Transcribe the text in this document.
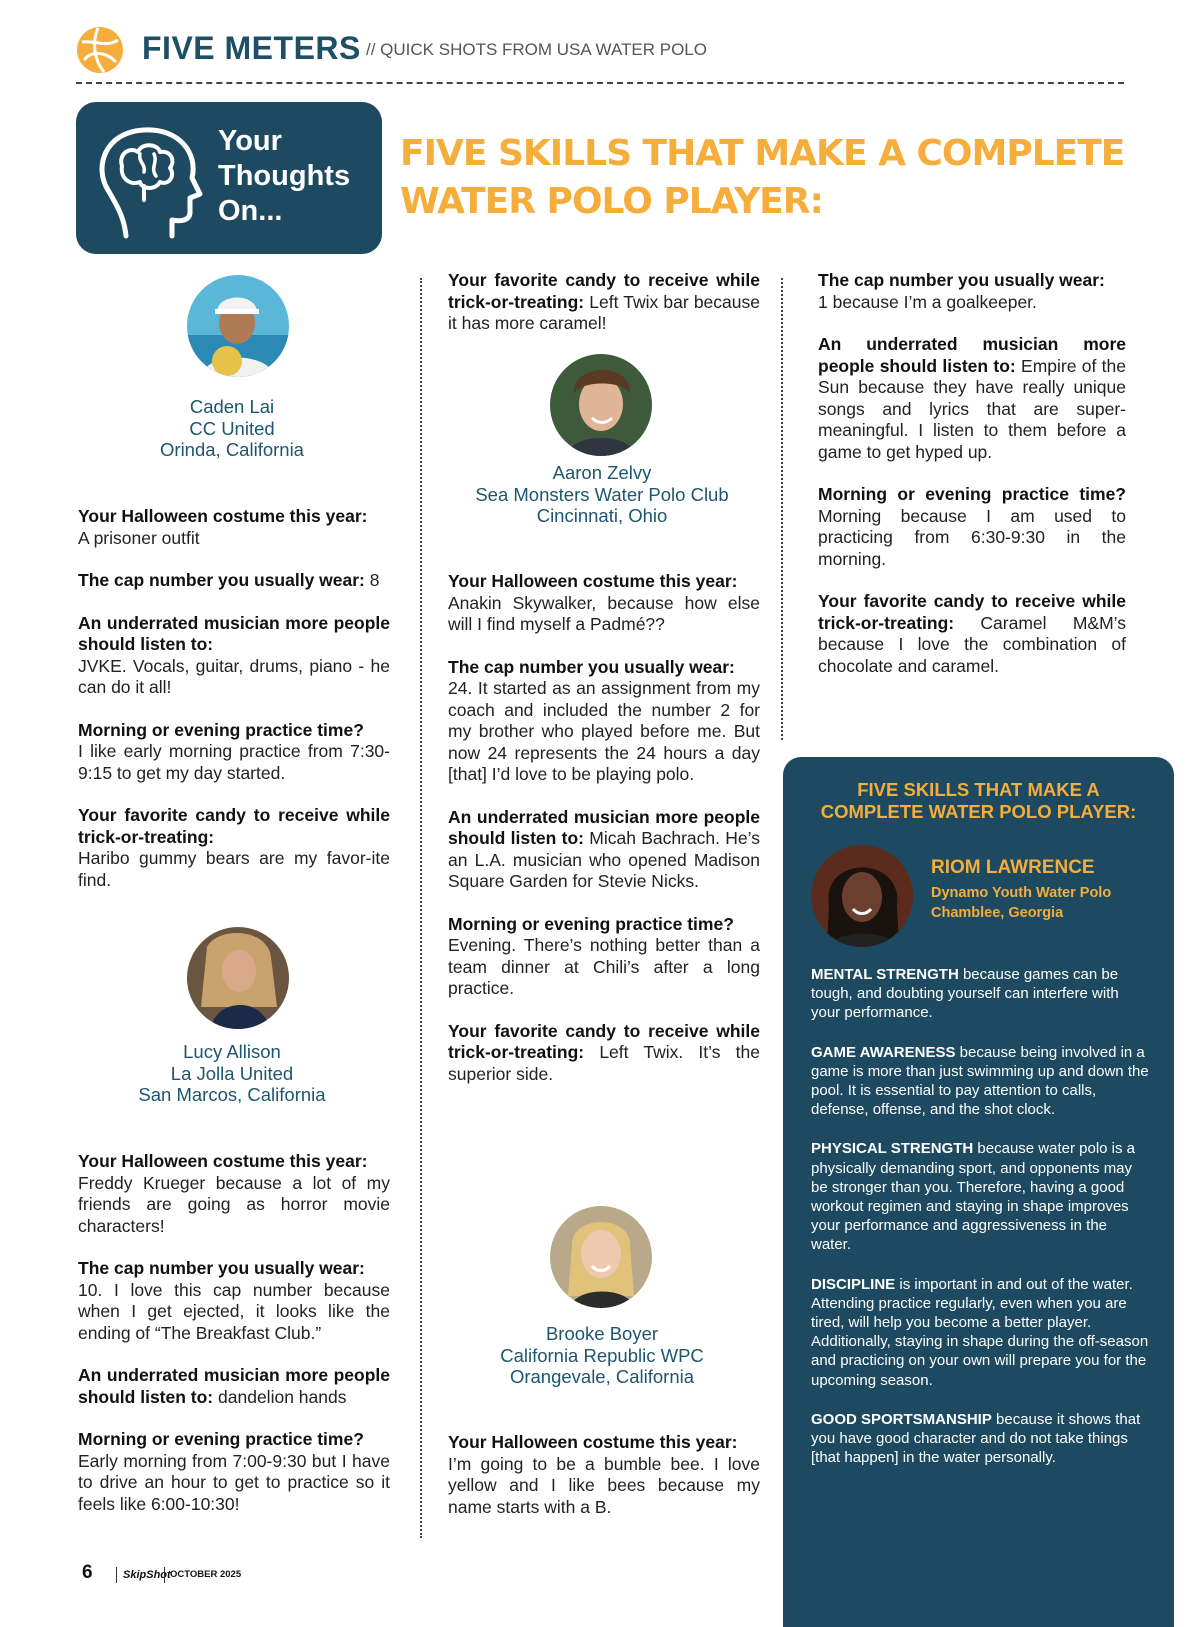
FIVE METERS // QUICK SHOTS FROM USA WATER POLO
Your
Thoughts
On...
FIVE SKILLS THAT MAKE A COMPLETE
WATER POLO PLAYER:
Caden Lai
CC United
Orinda, California

Your Halloween costume this year:
A prisoner outfit

The cap number you usually wear: 8

An underrated musician more people should listen to:
JVKE. Vocals, guitar, drums, piano - he can do it all!

Morning or evening practice time?
I like early morning practice from 7:30-9:15 to get my day started.

Your favorite candy to receive while trick-or-treating:
Haribo gummy bears are my favor-ite find.

Lucy Allison
La Jolla United
San Marcos, California

Your Halloween costume this year:
Freddy Krueger because a lot of my friends are going as horror movie characters!

The cap number you usually wear:
10. I love this cap number because when I get ejected, it looks like the ending of “The Breakfast Club.”

An underrated musician more people should listen to: dandelion hands

Morning or evening practice time?
Early morning from 7:00-9:30 but I have to drive an hour to get to practice so it feels like 6:00-10:30!

Your favorite candy to receive while trick-or-treating: Left Twix bar because it has more caramel!

Aaron Zelvy
Sea Monsters Water Polo Club
Cincinnati, Ohio

Your Halloween costume this year:
Anakin Skywalker, because how else will I find myself a Padmé??

The cap number you usually wear:
24. It started as an assignment from my coach and included the number 2 for my brother who played before me. But now 24 represents the 24 hours a day [that] I’d love to be playing polo.

An underrated musician more people should listen to: Micah Bachrach. He’s an L.A. musician who opened Madison Square Garden for Stevie Nicks.

Morning or evening practice time?
Evening. There’s nothing better than a team dinner at Chili’s after a long practice.

Your favorite candy to receive while trick-or-treating: Left Twix. It’s the superior side.

Brooke Boyer
California Republic WPC
Orangevale, California

Your Halloween costume this year:
I’m going to be a bumble bee. I love yellow and I like bees because my name starts with a B.

The cap number you usually wear:
1 because I’m a goalkeeper.

An underrated musician more people should listen to: Empire of the Sun because they have really unique songs and lyrics that are super-meaningful. I listen to them before a game to get hyped up.

Morning or evening practice time? Morning because I am used to practicing from 6:30-9:30 in the morning.

Your favorite candy to receive while trick-or-treating: Caramel M&M’s because I love the combination of chocolate and caramel.

FIVE SKILLS THAT MAKE A
COMPLETE WATER POLO PLAYER:
RIOM LAWRENCE
Dynamo Youth Water Polo
Chamblee, Georgia

MENTAL STRENGTH because games can be tough, and doubting yourself can interfere with your performance.

GAME AWARENESS because being involved in a game is more than just swimming up and down the pool. It is essential to pay attention to calls, defense, offense, and the shot clock.

PHYSICAL STRENGTH because water polo is a physically demanding sport, and opponents may be stronger than you. Therefore, having a good workout regimen and staying in shape improves your performance and aggressiveness in the water.

DISCIPLINE is important in and out of the water. Attending practice regularly, even when you are tired, will help you become a better player. Additionally, staying in shape during the off-season and practicing on your own will prepare you for the upcoming season.

GOOD SPORTSMANSHIP because it shows that you have good character and do not take things [that happen] in the water personally.

6	SkipShot OCTOBER 2025
